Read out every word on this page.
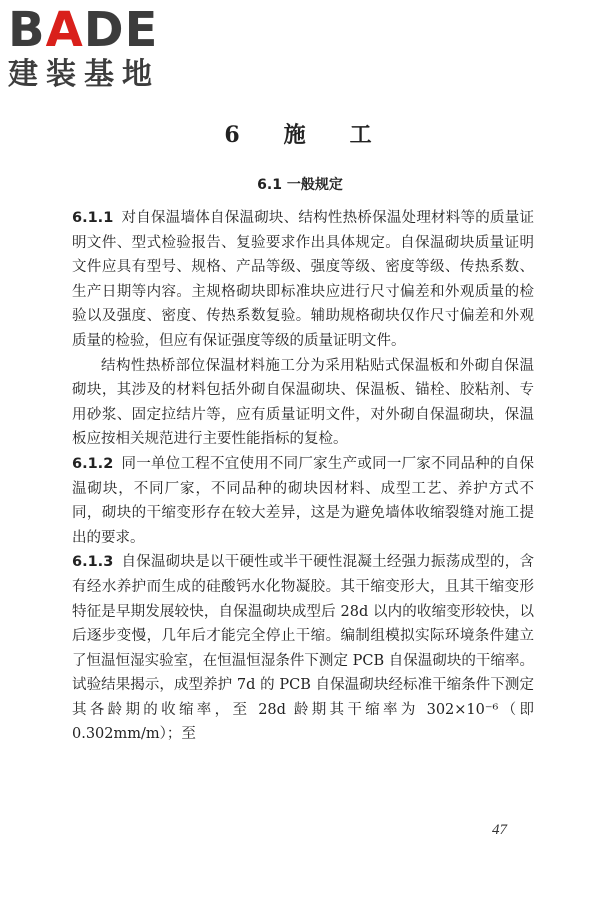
BADE
建装基地
6 施 工
6.1 一般规定

6.1.1 对自保温墙体自保温砌块、结构性热桥保温处理材料等的质量证明文件、型式检验报告、复验要求作出具体规定。自保温砌块质量证明文件应具有型号、规格、产品等级、强度等级、密度等级、传热系数、生产日期等内容。主规格砌块即标准块应进行尺寸偏差和外观质量的检验以及强度、密度、传热系数复验。辅助规格砌块仅作尺寸偏差和外观质量的检验，但应有保证强度等级的质量证明文件。

结构性热桥部位保温材料施工分为采用粘贴式保温板和外砌自保温砌块，其涉及的材料包括外砌自保温砌块、保温板、锚栓、胶粘剂、专用砂浆、固定拉结片等，应有质量证明文件，对外砌自保温砌块，保温板应按相关规范进行主要性能指标的复检。

6.1.2 同一单位工程不宜使用不同厂家生产或同一厂家不同品种的自保温砌块，不同厂家，不同品种的砌块因材料、成型工艺、养护方式不同，砌块的干缩变形存在较大差异，这是为避免墙体收缩裂缝对施工提出的要求。

6.1.3 自保温砌块是以干硬性或半干硬性混凝土经强力振荡成型的，含有经水养护而生成的硅酸钙水化物凝胶。其干缩变形大，且其干缩变形特征是早期发展较快，自保温砌块成型后 28d 以内的收缩变形较快，以后逐步变慢，几年后才能完全停止干缩。编制组模拟实际环境条件建立了恒温恒湿实验室，在恒温恒湿条件下测定 PCB 自保温砌块的干缩率。试验结果揭示，成型养护 7d 的 PCB 自保温砌块经标准干缩条件下测定其各龄期的收缩率，至 28d 龄期其干缩率为 302×10⁻⁶（即 0.302mm/m）；至

47
